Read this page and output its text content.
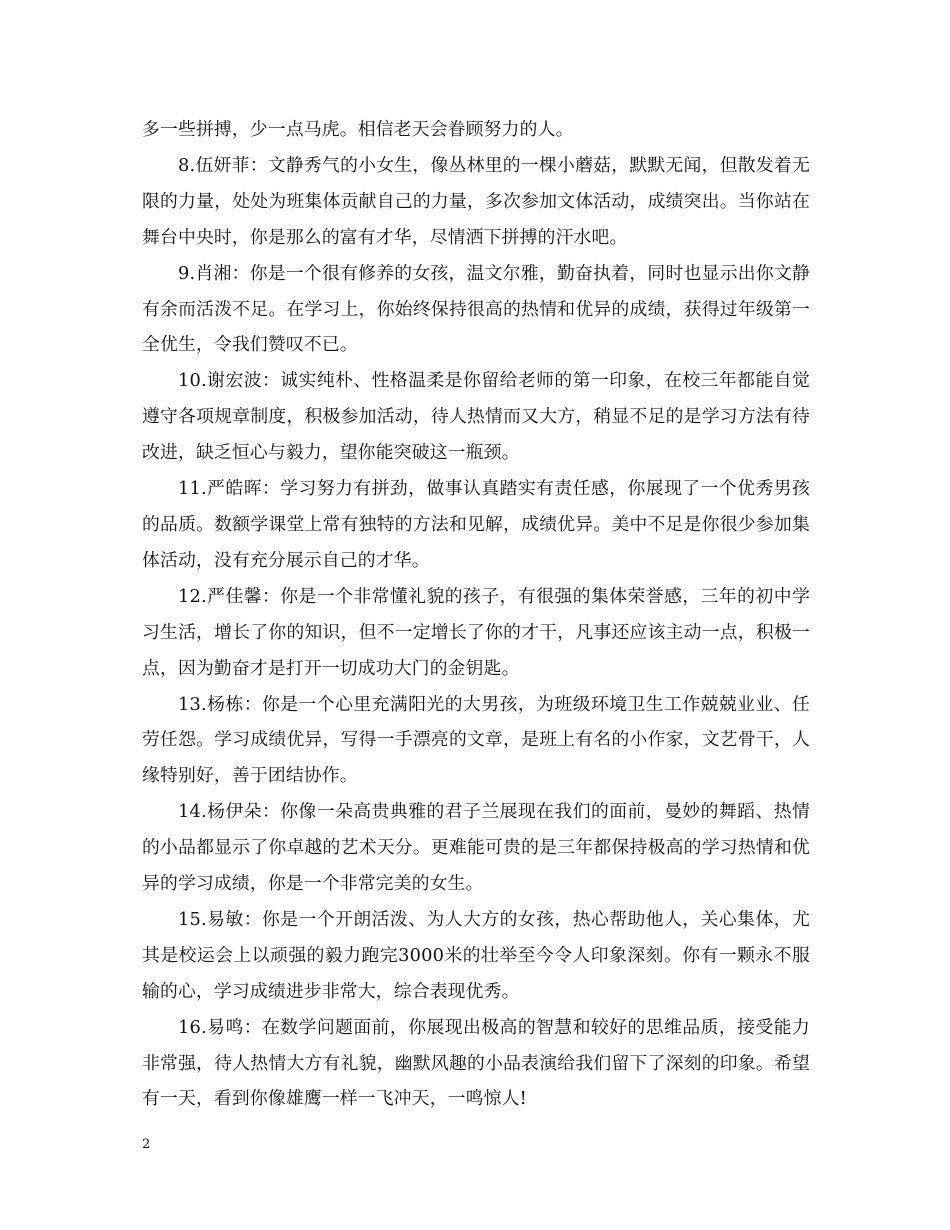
多一些拼搏，少一点马虎。相信老天会眷顾努力的人。

8.伍妍菲：文静秀气的小女生，像丛林里的一棵小蘑菇，默默无闻，但散发着无限的力量，处处为班集体贡献自己的力量，多次参加文体活动，成绩突出。当你站在舞台中央时，你是那么的富有才华，尽情洒下拼搏的汗水吧。

9.肖湘：你是一个很有修养的女孩，温文尔雅，勤奋执着，同时也显示出你文静有余而活泼不足。在学习上，你始终保持很高的热情和优异的成绩，获得过年级第一全优生，令我们赞叹不已。

10.谢宏波：诚实纯朴、性格温柔是你留给老师的第一印象，在校三年都能自觉遵守各项规章制度，积极参加活动，待人热情而又大方，稍显不足的是学习方法有待改进，缺乏恒心与毅力，望你能突破这一瓶颈。

11.严皓晖：学习努力有拼劲，做事认真踏实有责任感，你展现了一个优秀男孩的品质。数额学课堂上常有独特的方法和见解，成绩优异。美中不足是你很少参加集体活动，没有充分展示自己的才华。

12.严佳馨：你是一个非常懂礼貌的孩子，有很强的集体荣誉感，三年的初中学习生活，增长了你的知识，但不一定增长了你的才干，凡事还应该主动一点，积极一点，因为勤奋才是打开一切成功大门的金钥匙。

13.杨栋：你是一个心里充满阳光的大男孩，为班级环境卫生工作兢兢业业、任劳任怨。学习成绩优异，写得一手漂亮的文章，是班上有名的小作家，文艺骨干，人缘特别好，善于团结协作。

14.杨伊朵：你像一朵高贵典雅的君子兰展现在我们的面前，曼妙的舞蹈、热情的小品都显示了你卓越的艺术天分。更难能可贵的是三年都保持极高的学习热情和优异的学习成绩，你是一个非常完美的女生。

15.易敏：你是一个开朗活泼、为人大方的女孩，热心帮助他人，关心集体，尤其是校运会上以顽强的毅力跑完3000米的壮举至今令人印象深刻。你有一颗永不服输的心，学习成绩进步非常大，综合表现优秀。

16.易鸣：在数学问题面前，你展现出极高的智慧和较好的思维品质，接受能力非常强，待人热情大方有礼貌，幽默风趣的小品表演给我们留下了深刻的印象。希望有一天，看到你像雄鹰一样一飞冲天，一鸣惊人!

2
